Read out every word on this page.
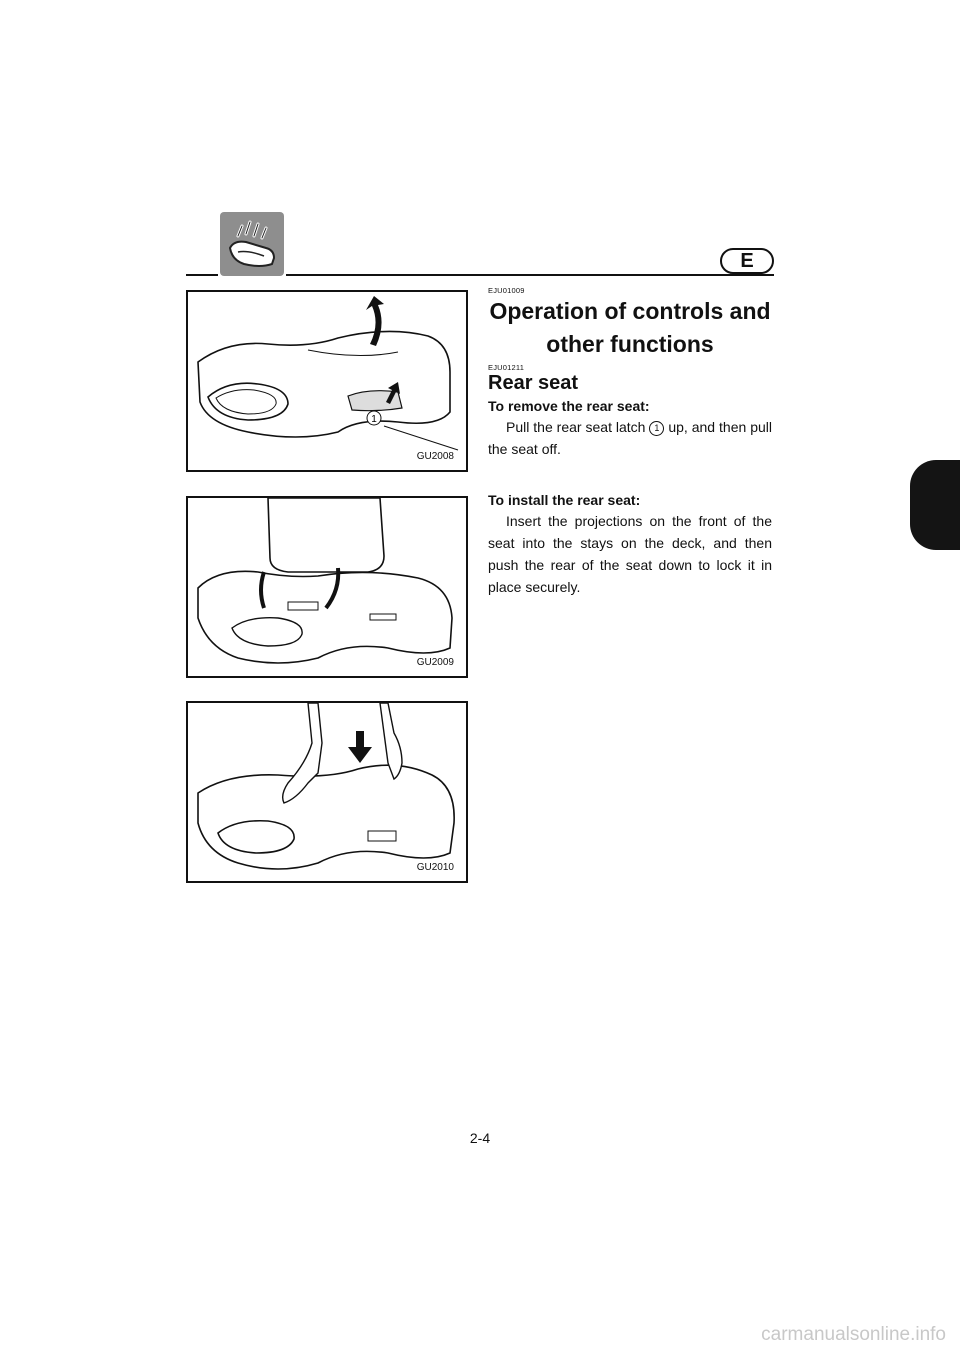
E
1
GU2008
GU2009
GU2010
EJU01009
Operation of controls and
other functions
EJU01211
Rear seat
To remove the rear seat:
Pull the rear seat latch 1 up, and then pull the seat off.
To install the rear seat:
Insert the projections on the front of the seat into the stays on the deck, and then push the rear of the seat down to lock it in place securely.
2-4
carmanualsonline.info
